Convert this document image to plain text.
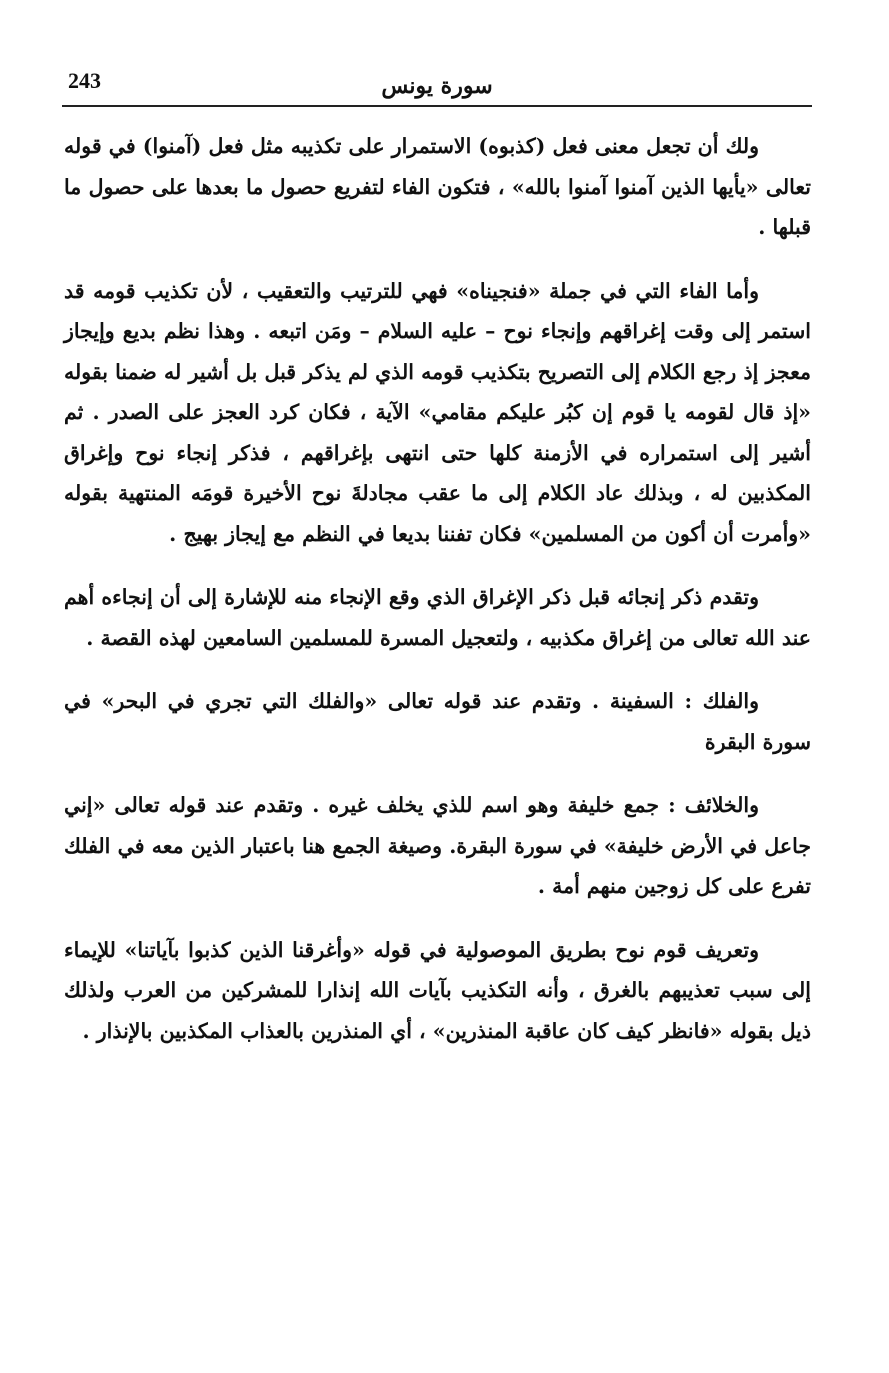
243	سورة يونس

ولك أن تجعل معنى فعل (كذبوه) الاستمرار على تكذيبه مثل فعل (آمنوا) في قوله تعالى «يأيها الذين آمنوا آمنوا بالله» ، فتكون الفاء لتفريع حصول ما بعدها على حصول ما قبلها .

وأما الفاء التي في جملة «فنجيناه» فهي للترتيب والتعقيب ، لأن تكذيب قومه قد استمر إلى وقت إغراقهم وإنجاء نوح – عليه السلام – ومَن اتبعه . وهذا نظم بديع وإيجاز معجز إذ رجع الكلام إلى التصريح بتكذيب قومه الذي لم يذكر قبل بل أشير له ضمنا بقوله «إذ قال لقومه يا قوم إن كبُر عليكم مقامي» الآية ، فكان كرد العجز على الصدر . ثم أشير إلى استمراره في الأزمنة كلها حتى انتهى بإغراقهم ، فذكر إنجاء نوح وإغراق المكذبين له ، وبذلك عاد الكلام إلى ما عقب مجادلةَ نوح الأخيرة قومَه المنتهية بقوله «وأمرت أن أكون من المسلمين» فكان تفننا بديعا في النظم مع إيجاز بهيج .

وتقدم ذكر إنجائه قبل ذكر الإغراق الذي وقع الإنجاء منه للإشارة إلى أن إنجاءه أهم عند الله تعالى من إغراق مكذبيه ، ولتعجيل المسرة للمسلمين السامعين لهذه القصة .

والفلك : السفينة . وتقدم عند قوله تعالى «والفلك التي تجري في البحر» في سورة البقرة

والخلائف : جمع خليفة وهو اسم للذي يخلف غيره . وتقدم عند قوله تعالى «إني جاعل في الأرض خليفة» في سورة البقرة. وصيغة الجمع هنا باعتبار الذين معه في الفلك تفرع على كل زوجين منهم أمة .

وتعريف قوم نوح بطريق الموصولية في قوله «وأغرقنا الذين كذبوا بآياتنا» للإيماء إلى سبب تعذيبهم بالغرق ، وأنه التكذيب بآيات الله إنذارا للمشركين من العرب ولذلك ذيل بقوله «فانظر كيف كان عاقبة المنذرين» ، أي المنذرين بالعذاب المكذبين بالإنذار .
